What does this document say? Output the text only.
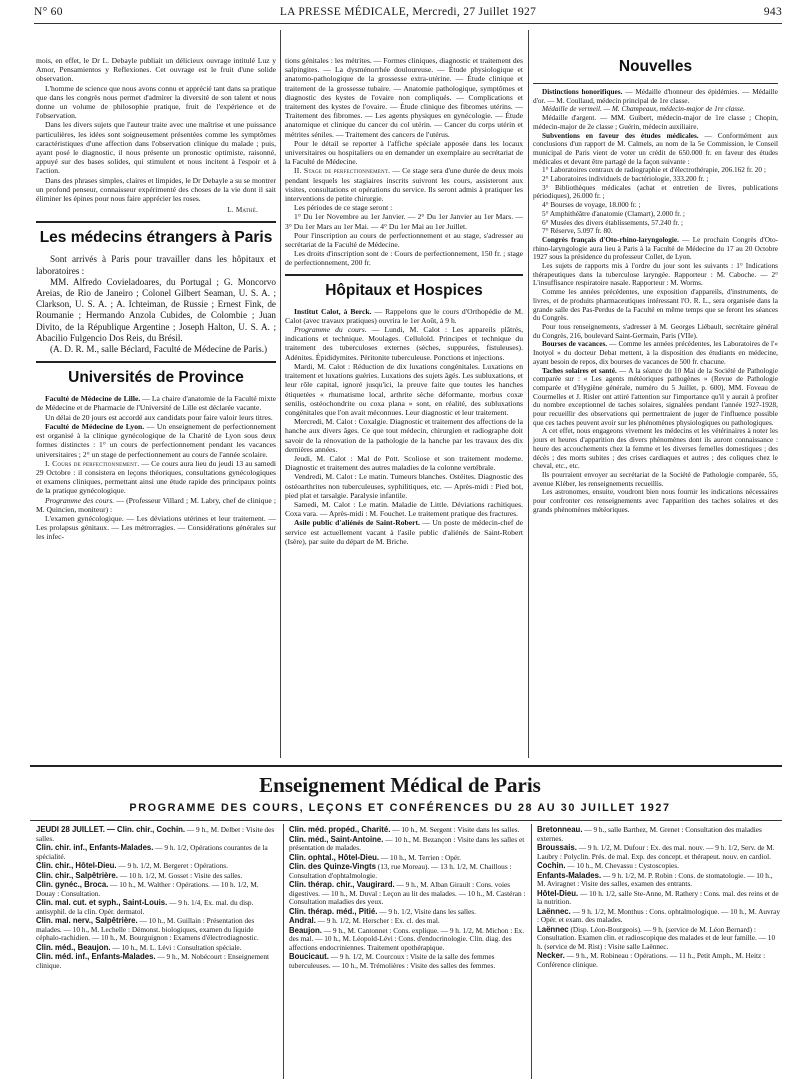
N° 60	LA PRESSE MÉDICALE, Mercredi, 27 Juillet 1927	943

mois, en effet, le Dr L. Debayle publiait un délicieux ouvrage intitulé Luz y Amor, Pensamientos y Reflexiones. Cet ouvrage est le fruit d'une solide observation.

L'homme de science que nous avons connu et apprécié tant dans sa pratique que dans les congrès nous permet d'admirer la diversité de son talent et nous donne un volume de philosophie pratique, fruit de l'expérience et de l'observation.

Dans les divers sujets que l'auteur traite avec une maîtrise et une puissance particulières, les idées sont soigneusement présentées comme les symptômes caractéristiques d'une affection dans l'observation clinique du malade ; puis, ayant posé le diagnostic, il nous présente un pronostic optimiste, raisonné, appuyé sur des bases solides, qui stimulent et nous incitent à l'espoir et à l'action.

Dans des phrases simples, claires et limpides, le Dr Debayle a su se montrer un profond penseur, connaisseur expérimenté des choses de la vie dont il sait éliminer les épines pour nous faire apprécier les roses.

L. Mathé.

Les médecins étrangers à Paris

Sont arrivés à Paris pour travailler dans les hôpitaux et laboratoires :

MM. Alfredo Covieladoares, du Portugal ; G. Moncorvo Areias, de Rio de Janeiro ; Colonel Gilbert Seaman, U. S. A. ; Clarkson, U. S. A. ; A. Ichteiman, de Russie ; Ernest Fink, de Roumanie ; Hermando Anzola Cubides, de Colombie ; Juan Divito, de la République Argentine ; Joseph Halton, U. S. A. ; Abacilio Fulgencio Dos Reis, du Brésil.

(A. D. R. M., salle Béclard, Faculté de Médecine de Paris.)

Universités de Province

Faculté de Médecine de Lille. — La chaire d'anatomie de la Faculté mixte de Médecine et de Pharmacie de l'Université de Lille est déclarée vacante.

Un délai de 20 jours est accordé aux candidats pour faire valoir leurs titres.

Faculté de Médecine de Lyon. — Un enseignement de perfectionnement est organisé à la clinique gynécologique de la Charité de Lyon sous deux formes distinctes : 1° un cours de perfectionnement pendant les vacances universitaires ; 2° un stage de perfectionnement au cours de l'année scolaire.

I. Cours de perfectionnement. — Ce cours aura lieu du jeudi 13 au samedi 29 Octobre : il consistera en leçons théoriques, consultations gynécologiques et examens cliniques, permettant ainsi une étude rapide des principaux points de la pratique gynécologique.

Programme des cours. — (Professeur Villard ; M. Labry, chef de clinique ; M. Quincien, moniteur) :

L'examen gynécologique. — Les déviations utérines et leur traitement. — Les prolapsus génitaux. — Les métrorragies. — Considérations générales sur les infec-

tions génitales : les métrites. — Formes cliniques, diagnostic et traitement des salpingites. — La dysménorrhée douloureuse. — Étude physiologique et anatomo-pathologique de la grossesse extra-utérine. — Étude clinique et traitement de la grossesse tubaire. — Anatomie pathologique, symptômes et diagnostic des kystes de l'ovaire non compliqués. — Complications et traitement des kystes de l'ovaire. — Étude clinique des fibromes utérins. — Traitement des fibromes. — Les agents physiques en gynécologie. — Étude anatomique et clinique du cancer du col utérin. — Cancer du corps utérin et métrites séniles. — Traitement des cancers de l'utérus.

Pour le détail se reporter à l'affiche spéciale apposée dans les locaux universitaires ou hospitaliers ou en demander un exemplaire au secrétariat de la Faculté de Médecine.

II. Stage de perfectionnement. — Ce stage sera d'une durée de deux mois pendant lesquels les stagiaires inscrits suivront les cours, assisteront aux visites, consultations et opérations du service. Ils seront admis à pratiquer les interventions de petite chirurgie.

Les périodes de ce stage seront :

1° Du 1er Novembre au 1er Janvier. — 2° Du 1er Janvier au 1er Mars. — 3° Du 1er Mars au 1er Mai. — 4° Du 1er Mai au 1er Juillet.

Pour l'inscription au cours de perfectionnement et au stage, s'adresser au secrétariat de la Faculté de Médecine.

Les droits d'inscription sont de : Cours de perfectionnement, 150 fr. ; stage de perfectionnement, 200 fr.

Hôpitaux et Hospices

Institut Calot, à Berck. — Rappelons que le cours d'Orthopédie de M. Calot (avec travaux pratiques) ouvrira le 1er Août, à 9 h.

Programme du cours. — Lundi, M. Calot : Les appareils plâtrés, indications et technique. Moulages. Celluloïd. Principes et technique du traitement des tuberculoses externes (sèches, suppurées, fistuleuses). Adénites. Épididymites. Péritonite tuberculeuse. Ponctions et injections.

Mardi, M. Calot : Réduction de dix luxations congénitales. Luxations en traitement et luxations guéries. Luxations des sujets âgés. Les subluxations, et leur rôle capital, ignoré jusqu'ici, la preuve faite que toutes les hanches étiquetées « rhumatisme local, arthrite sèche déformante, morbus coxæ senilis, ostéochondrite ou coxa plana » sont, en réalité, des subluxations congénitales que l'on avait méconnues. Leur diagnostic et leur traitement.

Mercredi, M. Calot : Coxalgie. Diagnostic et traitement des affections de la hanche aux divers âges. Ce que tout médecin, chirurgien et radiographe doit savoir de la rénovation de la pathologie de la hanche par les travaux des dix dernières années.

Jeudi, M. Calot : Mal de Pott. Scoliose et son traitement moderne. Diagnostic et traitement des autres maladies de la colonne vertébrale.

Vendredi, M. Calot : Le matin. Tumeurs blanches. Ostéites. Diagnostic des ostéoarthrites non tuberculeuses, syphilitiques, etc. — Après-midi : Pied bot, pied plat et tarsalgie. Paralysie infantile.

Samedi, M. Calot : Le matin. Maladie de Little. Déviations rachitiques. Coxa vara. — Après-midi : M. Fouchet. Le traitement pratique des fractures.

Asile public d'aliénés de Saint-Robert. — Un poste de médecin-chef de service est actuellement vacant à l'asile public d'aliénés de Saint-Robert (Isère), par suite du départ de M. Briche.

Nouvelles

Distinctions honorifiques. — Médaille d'honneur des épidémies. — Médaille d'or. — M. Coullaud, médecin principal de 1re classe.

Médaille de vermeil. — M. Champeaux, médecin-major de 1re classe.

Médaille d'argent. — MM. Guibert, médecin-major de 1re classe ; Chopin, médecin-major de 2e classe ; Guérin, médecin auxiliaire.

Subventions en faveur des études médicales. — Conformément aux conclusions d'un rapport de M. Calmels, au nom de la 5e Commission, le Conseil municipal de Paris vient de voter un crédit de 650.000 fr. en faveur des études médicales et devant être partagé de la façon suivante :

1° Laboratoires centraux de radiographie et d'électrothérapie, 206.162 fr. 20 ;

2° Laboratoires individuels de bactériologie, 333.200 fr. ;

3° Bibliothèques médicales (achat et entretien de livres, publications périodiques), 26.000 fr. ;

4° Bourses de voyage, 18.000 fr. ;

5° Amphithéâtre d'anatomie (Clamart), 2.000 fr. ;

6° Musées des divers établissements, 57.240 fr. ;

7° Réserve, 5.097 fr. 80.

Congrès français d'Oto-rhino-laryngologie. — Le prochain Congrès d'Oto-rhino-laryngologie aura lieu à Paris à la Faculté de Médecine du 17 au 20 Octobre 1927 sous la présidence du professeur Collet, de Lyon.

Les sujets de rapports mis à l'ordre du jour sont les suivants : 1° Indications thérapeutiques dans la tuberculose laryngée. Rapporteur : M. Caboche. — 2° L'insuffisance respiratoire nasale. Rapporteur : M. Worms.

Comme les années précédentes, une exposition d'appareils, d'instruments, de livres, et de produits pharmaceutiques intéressant l'O. R. L., sera organisée dans la grande salle des Pas-Perdus de la Faculté en même temps que se feront les séances du Congrès.

Pour tous renseignements, s'adresser à M. Georges Liébault, secrétaire général du Congrès, 216, boulevard Saint-Germain, Paris (VIIe).

Bourses de vacances. — Comme les années précédentes, les Laboratoires de l'« Inotyol » du docteur Debat mettent, à la disposition des étudiants en médecine, ayant besoin de repos, dix bourses de vacances de 500 fr. chacune.

Taches solaires et santé. — A la séance du 10 Mai de la Société de Pathologie comparée sur : « Les agents météoriques pathogènes » (Revue de Pathologie comparée et d'Hygiène générale, numéro du 5 Juillet, p. 600), MM. Foveau de Courmelles et J. Risler ont attiré l'attention sur l'importance qu'il y aurait à profiter du nombre exceptionnel de taches solaires, signalées pendant l'année 1927-1928, pour recueillir des observations qui permettraient de juger de l'influence possible que ces taches peuvent avoir sur les phénomènes physiologiques ou pathologiques.

A cet effet, nous engageons vivement les médecins et les vétérinaires à noter les jours et heures d'apparition des divers phénomènes dont ils auront connaissance : heure des accouchements chez la femme et les diverses femelles domestiques ; des décès ; des morts subites ; des crises cardiaques et autres ; des coliques chez le cheval, etc., etc.

Ils pourraient envoyer au secrétariat de la Société de Pathologie comparée, 55, avenue Kléber, les renseignements recueillis.

Les astronomes, ensuite, voudront bien nous fournir les indications nécessaires pour confronter ces renseignements avec l'apparition des taches solaires et des grands phénomènes météoriques.

Enseignement Médical de Paris
PROGRAMME DES COURS, LEÇONS ET CONFÉRENCES DU 28 AU 30 JUILLET 1927

JEUDI 28 JUILLET. — Clin. chir., Cochin. — 9 h., M. Delbet : Visite des salles.

Clin. chir. inf., Enfants-Malades. — 9 h. 1/2, Opérations courantes de la spécialité.

Clin. chir., Hôtel-Dieu. — 9 h. 1/2, M. Bergeret : Opérations.

Clin. chir., Salpêtrière. — 10 h. 1/2, M. Gosset : Visite des salles.

Clin. gynéc., Broca. — 10 h., M. Walther : Opérations. — 10 h. 1/2, M. Douay : Consultation.

Clin. mal. cut. et syph., Saint-Louis. — 9 h. 1/4, Ex. mal. du disp. antisyphil. de la clin. Opér. dermatol.

Clin. mal. nerv., Salpêtrière. — 10 h., M. Guillain : Présentation des malades. — 10 h., M. Lechelle : Démonst. biologiques, examen du liquide céphalo-rachidien. — 10 h., M. Bourguignon : Examens d'électrodiagnostic.

Clin. méd., Beaujon. — 10 h., M. L. Lévi : Consultation spéciale.

Clin. méd. inf., Enfants-Malades. — 9 h., M. Nobécourt : Enseignement clinique.

Clin. méd. propéd., Charité. — 10 h., M. Sergent : Visite dans les salles.

Clin. méd., Saint-Antoine. — 10 h., M. Bezançon : Visite dans les salles et présentation de malades.

Clin. ophtal., Hôtel-Dieu. — 10 h., M. Terrien : Opér.

Clin. des Quinze-Vingts (13, rue Moreau). — 13 h. 1/2, M. Chaillous : Consultation d'ophtalmologie.

Clin. thérap. chir., Vaugirard. — 9 h., M. Alban Girault : Cons. voies digestives. — 10 h., M. Duval : Leçon au lit des malades. — 10 h., M. Castéran : Consultation maladies des yeux.

Clin. thérap. méd., Pitié. — 9 h. 1/2, Visite dans les salles.

Andral. — 9 h. 1/2, M. Herscher : Ex. cl. des mal.

Beaujon. — 9 h., M. Cantonnet : Cons. explique. — 9 h. 1/2, M. Michon : Ex. des mal. — 10 h., M. Léopold-Lévi : Cons. d'endocrinologie. Clin. diag. des affections endocriniennes. Traitement opothérapique.

Boucicaut. — 9 h. 1/2, M. Courcoux : Visite de la salle des femmes tuberculeuses. — 10 h., M. Trémolières : Visite des salles des femmes.

Bretonneau. — 9 h., salle Barthez, M. Grenet : Consultation des maladies externes.

Broussais. — 9 h. 1/2, M. Dufour : Ex. des mal. nouv. — 9 h. 1/2, Serv. de M. Laubry : Polyclin. Prés. de mal. Exp. des concept. et thérapeut. nouv. en cardiol.

Cochin. — 10 h., M. Chevassu : Cystoscopies.

Enfants-Malades. — 9 h. 1/2, M. P. Robin : Cons. de stomatologie. — 10 h., M. Aviragnet : Visite des salles, examen des entrants.

Hôtel-Dieu. — 10 h. 1/2, salle Ste-Anne, M. Rathery : Cons. mal. des reins et de la nutrition.

Laënnec. — 9 h. 1/2, M. Monthus : Cons. ophtalmologique. — 10 h., M. Auvray : Opér. et exam. des malades.

Laënnec (Disp. Léon-Bourgeois). — 9 h. (service de M. Léon Bernard) : Consultation. Examen clin. et radioscopique des malades et de leur famille. — 10 h. (service de M. Rist) : Visite salle Laënnec.

Necker. — 9 h., M. Robineau : Opérations. — 11 h., Petit Amph., M. Heitz : Conférence clinique.
